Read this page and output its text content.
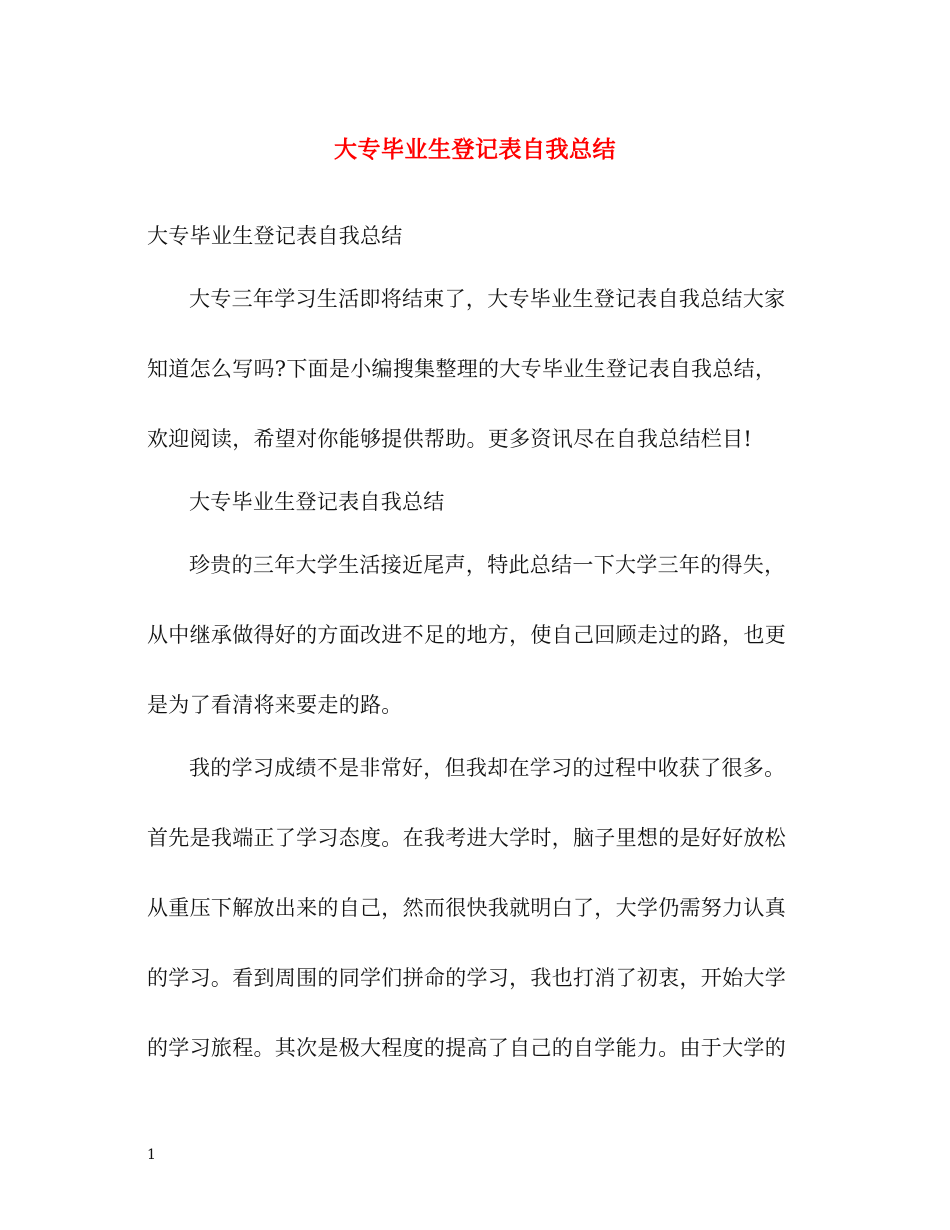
大专毕业生登记表自我总结
大专毕业生登记表自我总结
大专三年学习生活即将结束了，大专毕业生登记表自我总结大家
知道怎么写吗?下面是小编搜集整理的大专毕业生登记表自我总结，
欢迎阅读，希望对你能够提供帮助。更多资讯尽在自我总结栏目!
大专毕业生登记表自我总结
珍贵的三年大学生活接近尾声，特此总结一下大学三年的得失，
从中继承做得好的方面改进不足的地方，使自己回顾走过的路，也更
是为了看清将来要走的路。
我的学习成绩不是非常好，但我却在学习的过程中收获了很多。
首先是我端正了学习态度。在我考进大学时，脑子里想的是好好放松
从重压下解放出来的自己，然而很快我就明白了，大学仍需努力认真
的学习。看到周围的同学们拼命的学习，我也打消了初衷，开始大学
的学习旅程。其次是极大程度的提高了自己的自学能力。由于大学的
1
